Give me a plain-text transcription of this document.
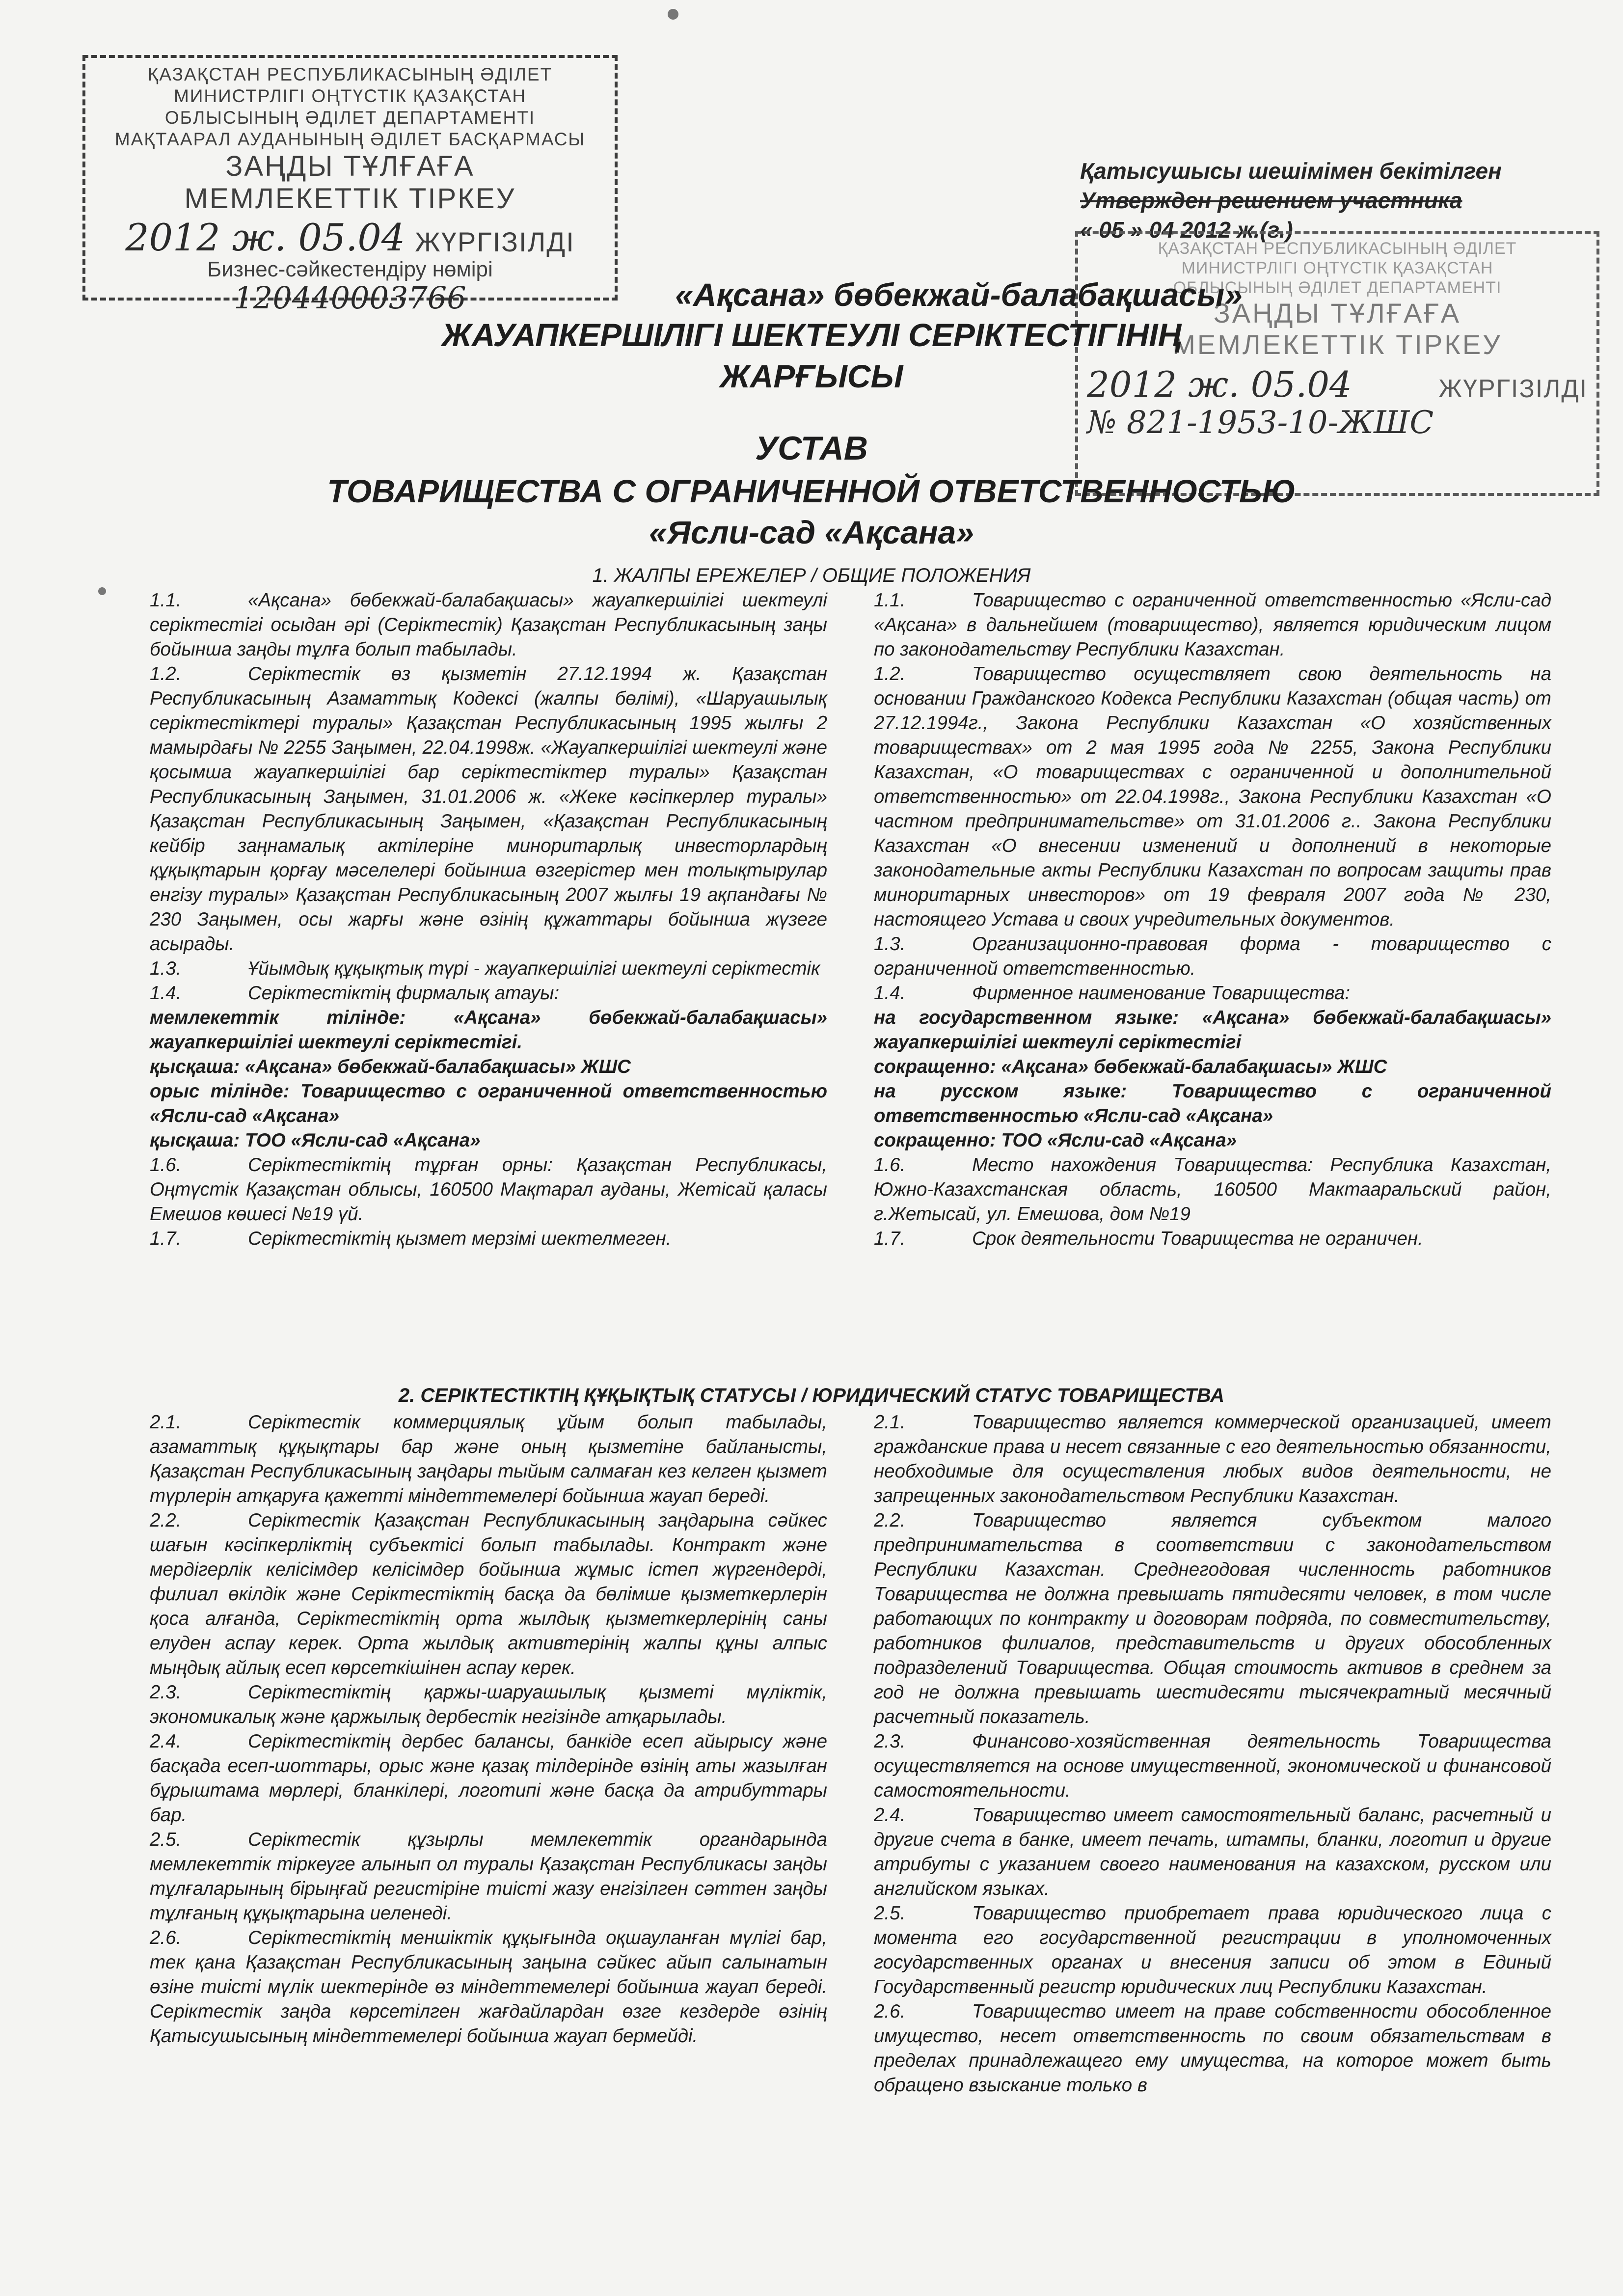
ҚАЗАҚСТАН РЕСПУБЛИКАСЫНЫҢ ӘДІЛЕТ
МИНИСТРЛІГІ ОҢТҮСТІК ҚАЗАҚСТАН
ОБЛЫСЫНЫҢ ӘДІЛЕТ ДЕПАРТАМЕНТІ
МАҚТААРАЛ АУДАНЫНЫҢ ӘДІЛЕТ БАСҚАРМАСЫ
ЗАҢДЫ ТҰЛҒАҒА
МЕМЛЕКЕТТІК ТІРКЕУ
2012 ж. 05.04 ЖҮРГІЗІЛДІ
Бизнес-сәйкестендіру нөмірі
120440003766
Қатысушысы шешімімен бекітілген
Утвержден решением участника
« 05 » 04 2012 ж.(г.)
ҚАЗАҚСТАН РЕСПУБЛИКАСЫНЫҢ ӘДІЛЕТ
МИНИСТРЛІГІ ОҢТҮСТІК ҚАЗАҚСТАН
ОБЛЫСЫНЫҢ ӘДІЛЕТ ДЕПАРТАМЕНТІ
ЗАҢДЫ ТҰЛҒАҒА
МЕМЛЕКЕТТІК ТІРКЕУ
2012 ж. 05.04	ЖҮРГІЗІЛДІ
№ 821-1953-10-ЖШС
«Ақсана» бөбекжай-балабақшасы»
ЖАУАПКЕРШІЛІГІ ШЕКТЕУЛІ СЕРІКТЕСТІГІНІҢ
ЖАРҒЫСЫ
УСТАВ
ТОВАРИЩЕСТВА С ОГРАНИЧЕННОЙ ОТВЕТСТВЕННОСТЬЮ
«Ясли-сад «Ақсана»
1. ЖАЛПЫ ЕРЕЖЕЛЕР / ОБЩИЕ ПОЛОЖЕНИЯ

1.1.	«Ақсана» бөбекжай-балабақшасы» жауапкершілігі шектеулі серіктестігі осыдан әрі (Серіктестік) Қазақстан Республикасының заңы бойынша заңды тұлға болып табылады.

1.2.	Серіктестік өз қызметін 27.12.1994 ж. Қазақстан Республикасының Азаматтық Кодексі (жалпы бөлімі), «Шаруашылық серіктестіктері туралы» Қазақстан Республикасының 1995 жылғы 2 мамырдағы № 2255 Заңымен, 22.04.1998ж. «Жауапкершілігі шектеулі және қосымша жауапкершілігі бар серіктестіктер туралы» Қазақстан Республикасының Заңымен, 31.01.2006 ж. «Жеке кәсіпкерлер туралы» Қазақстан Республикасының Заңымен, «Қазақстан Республикасының кейбір заңнамалық актілеріне миноритарлық инвесторлардың құқықтарын қорғау мәселелері бойынша өзгерістер мен толықтырулар енгізу туралы» Қазақстан Республикасының 2007 жылғы 19 ақпандағы № 230 Заңымен, осы жарғы және өзінің құжаттары бойынша жүзеге асырады.

1.3.	Ұйымдық құқықтық түрі - жауапкершілігі шектеулі серіктестік

1.4.	Серіктестіктің фирмалық атауы:

мемлекеттік тілінде: «Ақсана» бөбекжай-балабақшасы» жауапкершілігі шектеулі серіктестігі.

қысқаша: «Ақсана» бөбекжай-балабақшасы» ЖШС

орыс тілінде: Товарищество с ограниченной ответственностью «Ясли-сад «Ақсана»

қысқаша: ТОО «Ясли-сад «Ақсана»

1.6.	Серіктестіктің тұрған орны: Қазақстан Республикасы, Оңтүстік Қазақстан облысы, 160500 Мақтарал ауданы, Жетісай қаласы Емешов көшесі №19 үй.

1.7.	Серіктестіктің қызмет мерзімі шектелмеген.

1.1.	Товарищество с ограниченной ответственностью «Ясли-сад «Ақсана» в дальнейшем (товарищество), является юридическим лицом по законодательству Республики Казахстан.

1.2.	Товарищество осуществляет свою деятельность на основании Гражданского Кодекса Республики Казахстан (общая часть) от 27.12.1994г., Закона Республики Казахстан «О хозяйственных товариществах» от 2 мая 1995 года № 2255, Закона Республики Казахстан, «О товариществах с ограниченной и дополнительной ответственностью» от 22.04.1998г., Закона Республики Казахстан «О частном предпринимательстве» от 31.01.2006 г.. Закона Республики Казахстан «О внесении изменений и дополнений в некоторые законодательные акты Республики Казахстан по вопросам защиты прав миноритарных инвесторов» от 19 февраля 2007 года № 230, настоящего Устава и своих учредительных документов.

1.3.	Организационно-правовая форма - товарищество с ограниченной ответственностью.

1.4.	Фирменное наименование Товарищества:

на государственном языке: «Ақсана» бөбекжай-балабақшасы» жауапкершілігі шектеулі серіктестігі

сокращенно: «Ақсана» бөбекжай-балабақшасы» ЖШС

на русском языке: Товарищество с ограниченной ответственностью «Ясли-сад «Ақсана»

сокращенно: ТОО «Ясли-сад «Ақсана»

1.6.	Место нахождения Товарищества: Республика Казахстан, Южно-Казахстанская область, 160500 Мактааральский район, г.Жетысай, ул. Емешова, дом №19

1.7.	Срок деятельности Товарищества не ограничен.

2. СЕРІКТЕСТІКТІҢ ҚҰҚЫҚТЫҚ СТАТУСЫ / ЮРИДИЧЕСКИЙ СТАТУС ТОВАРИЩЕСТВА

2.1.	Серіктестік коммерциялық ұйым болып табылады, азаматтық құқықтары бар және оның қызметіне байланысты, Қазақстан Республикасының заңдары тыйым салмаған кез келген қызмет түрлерін атқаруға қажетті міндеттемелері бойынша жауап береді.

2.2.	Серіктестік Қазақстан Республикасының заңдарына сәйкес шағын кәсіпкерліктің субъектісі болып табылады. Контракт және мердігерлік келісімдер келісімдер бойынша жұмыс істеп жүргендерді, филиал өкілдік және Серіктестіктің басқа да бөлімше қызметкерлерін қоса алғанда, Серіктестіктің орта жылдық қызметкерлерінің саны елуден аспау керек. Орта жылдық активтерінің жалпы құны алпыс мыңдық айлық есеп көрсеткішінен аспау керек.

2.3.	Серіктестіктің қаржы-шаруашылық қызметі мүліктік, экономикалық және қаржылық дербестік негізінде атқарылады.

2.4.	Серіктестіктің дербес балансы, банкіде есеп айырысу және басқада есеп-шоттары, орыс және қазақ тілдерінде өзінің аты жазылған бұрыштама мөрлері, бланкілері, логотипі және басқа да атрибуттары бар.

2.5.	Серіктестік құзырлы мемлекеттік органдарында мемлекеттік тіркеуге алынып ол туралы Қазақстан Республикасы заңды тұлғаларының бірыңғай регистіріне тиісті жазу енгізілген сәттен заңды тұлғаның құқықтарына иеленеді.

2.6.	Серіктестіктің меншіктік құқығында оқшауланған мүлігі бар, тек қана Қазақстан Республикасының заңына сәйкес айып салынатын өзіне тиісті мүлік шектерінде өз міндеттемелері бойынша жауап береді. Серіктестік заңда көрсетілген жағдайлардан өзге кездерде өзінің Қатысушысының міндеттемелері бойынша жауап бермейді.

2.1.	Товарищество является коммерческой организацией, имеет гражданские права и несет связанные с его деятельностью обязанности, необходимые для осуществления любых видов деятельности, не запрещенных законодательством Республики Казахстан.

2.2.	Товарищество является субъектом малого предпринимательства в соответствии с законодательством Республики Казахстан. Среднегодовая численность работников Товарищества не должна превышать пятидесяти человек, в том числе работающих по контракту и договорам подряда, по совместительству, работников филиалов, представительств и других обособленных подразделений Товарищества. Общая стоимость активов в среднем за год не должна превышать шестидесяти тысячекратный месячный расчетный показатель.

2.3.	Финансово-хозяйственная деятельность Товарищества осуществляется на основе имущественной, экономической и финансовой самостоятельности.

2.4.	Товарищество имеет самостоятельный баланс, расчетный и другие счета в банке, имеет печать, штампы, бланки, логотип и другие атрибуты с указанием своего наименования на казахском, русском или английском языках.

2.5.	Товарищество приобретает права юридического лица с момента его государственной регистрации в уполномоченных государственных органах и внесения записи об этом в Единый Государственный регистр юридических лиц Республики Казахстан.

2.6.	Товарищество имеет на праве собственности обособленное имущество, несет ответственность по своим обязательствам в пределах принадлежащего ему имущества, на которое может быть обращено взыскание только в
